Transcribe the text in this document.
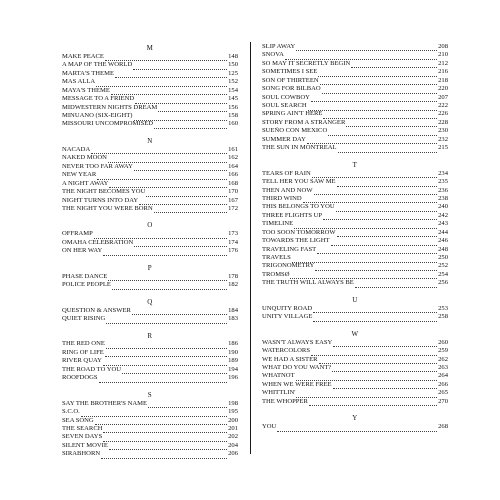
M
MAKE PEACE	148
A MAP OF THE WORLD	150
MARTA'S THEME	125
MAS ALLA	152
MAYA'S THEME	154
MESSAGE TO A FRIEND	145
MIDWESTERN NIGHTS DREAM	156
MINUANO (SIX-EIGHT)	158
MISSOURI UNCOMPROMISED	160
N
NACADA	161
NAKED MOON	162
NEVER TOO FAR AWAY	164
NEW YEAR	166
A NIGHT AWAY	168
THE NIGHT BECOMES YOU	170
NIGHT TURNS INTO DAY	167
THE NIGHT YOU WERE BORN	172
O
OFFRAMP	173
OMAHA CELEBRATION	174
ON HER WAY	176
P
PHASE DANCE	178
POLICE PEOPLE	182
Q
QUESTION & ANSWER	184
QUIET RISING	183
R
THE RED ONE	186
RING OF LIFE	190
RIVER QUAY	189
THE ROAD TO YOU	194
ROOFDOGS	196
S
SAY THE BROTHER'S NAME	198
S.C.O.	195
SEA SONG	200
THE SEARCH	201
SEVEN DAYS	202
SILENT MOVIE	204
SIRABHORN	206
SLIP AWAY	208
SNOVA	210
SO MAY IT SECRETLY BEGIN	212
SOMETIMES I SEE	216
SON OF THIRTEEN	218
SONG FOR BILBAO	220
SOUL COWBOY	207
SOUL SEARCH	222
SPRING AIN'T HERE	226
STORY FROM A STRANGER	228
SUEÑO CON MEXICO	230
SUMMER DAY	232
THE SUN IN MONTREAL	215
T
TEARS OF RAIN	234
TELL HER YOU SAW ME	235
THEN AND NOW	236
THIRD WIND	238
THIS BELONGS TO YOU	240
THREE FLIGHTS UP	242
TIMELINE	243
TOO SOON TOMORROW	244
TOWARDS THE LIGHT	246
TRAVELING FAST	248
TRAVELS	250
TRIGONOMETRY	252
TROMSØ	254
THE TRUTH WILL ALWAYS BE	256
U
UNQUITY ROAD	253
UNITY VILLAGE	258
W
WASN'T ALWAYS EASY	260
WATERCOLORS	259
WE HAD A SISTER	262
WHAT DO YOU WANT?	263
WHATNOT	264
WHEN WE WERE FREE	266
WHITTLIN'	265
THE WHOPPER	270
Y
YOU	268
